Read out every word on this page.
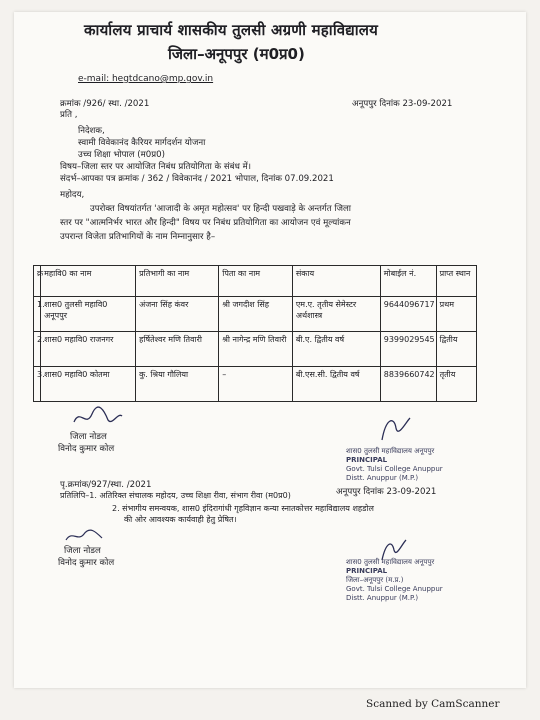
कार्यालय प्राचार्य शासकीय तुलसी अग्रणी महाविद्यालय
जिला–अनूपपुर (म0प्र0)
e-mail: hegtdcano@mp.gov.in
क्रमांक /926/ स्था. /2021	अनूपपुर दिनांक 23-09-2021
प्रति ,
निदेशक,
स्वामी विवेकानंद कैरियर मार्गदर्शन योजना
उच्च शिक्षा भोपाल (म0प्र0)
विषय–जिला स्तर पर आयोजित निबंध प्रतियोगिता के संबंध में।
संदर्भ–आपका पत्र क्रमांक / 362 / विवेकानंद / 2021 भोपाल, दिनांक 07.09.2021
महोदय,
उपरोक्त विषयांतर्गत 'आजादी के अमृत महोत्सव' पर हिन्दी पखवाड़े के अन्तर्गत जिला
स्तर पर "आत्मनिर्भर भारत और हिन्दी" विषय पर निबंध प्रतियोगिता का आयोजन एवं मूल्यांकन
उपरान्त विजेता प्रतिभागियों के नाम निम्नानुसार है–
क्र	महावि0 का नाम	प्रतिभागी का नाम	पिता का नाम	संकाय	मोबाईल नं.	प्राप्त स्थान
1.	शास0 तुलसी महावि0 अनूपपुर	अंजना सिंह कंवर	श्री जगदीश सिंह	एम.ए. तृतीय सेमेस्टर अर्थशास्त्र	9644096717	प्रथम
2.	शास0 महावि0 राजनगर	हर्षितेश्वर मणि तिवारी	श्री नागेन्द्र मणि तिवारी	बी.ए. द्वितीय वर्ष	9399029545	द्वितीय
3.	शास0 महावि0 कोतमा	कु. श्रिया गौलिया	–	बी.एस.सी. द्वितीय वर्ष	8839660742	तृतीय
जिला नोडल
विनोद कुमार कोल	शास0 तुलसी महाविद्यालय अनूपपुर
PRINCIPAL
Govt. Tulsi College Anuppur
Distt. Anuppur (M.P.)
पृ.क्रमांक/927/स्था. /2021
अनूपपुर दिनांक 23-09-2021
प्रतिलिपि–1. अतिरिक्त संचालक महोदय, उच्च शिक्षा रीवा, संभाग रीवा (म0प्र0)
2. संभागीय समन्वयक, शास0 इंदिरागांधी गृहविज्ञान कन्या स्नातकोत्तर महाविद्यालय शहडोल
की ओर आवश्यक कार्यवाही हेतु प्रेषित।
जिला नोडल
विनोद कुमार कोल	शास0 तुलसी महाविद्यालय अनूपपुर
PRINCIPAL
जिला–अनूपपुर (म.प्र.)
Govt. Tulsi College Anuppur
Distt. Anuppur (M.P.)
Scanned by CamScanner
